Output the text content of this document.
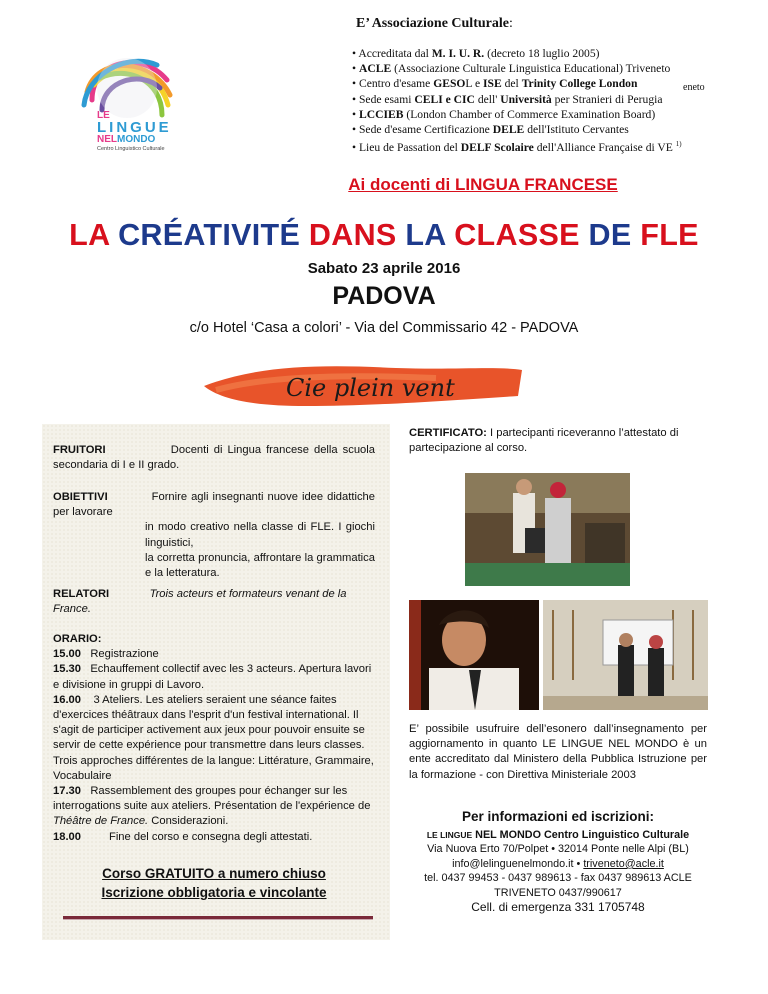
LE
LINGUE
NELMONDO
Centro Linguistico Culturale
E’ Associazione Culturale:
• Accreditata dal M. I. U. R. (decreto 18 luglio 2005)
• ACLE (Associazione Culturale Linguistica Educational) Triveneto
• Centro d'esame GESOL e ISE del Trinity College London
• Sede esami CELI e CIC dell' Università per Stranieri di Perugia
• LCCIEB (London Chamber of Commerce Examination Board)
• Sede d'esame Certificazione DELE dell'Istituto Cervantes
• Lieu de Passation del DELF Scolaire dell'Alliance Française di VE $^{1)}$
eneto
Ai docenti di LINGUA FRANCESE
LA CRÉATIVITÉ DANS LA CLASSE DE FLE
Sabato 23 aprile 2016
PADOVA
c/o Hotel ‘Casa a colori’ - Via del Commissario 42 - PADOVA
Cie plein vent
FRUITORI	Docenti di Lingua francese della scuola secondaria di I e II grado.
OBIETTIVI	Fornire agli insegnanti nuove idee didattiche per lavorare
in modo creativo nella classe di FLE. I giochi linguistici,
la corretta pronuncia, affrontare la grammatica e la letteratura.
RELATORI	Trois acteurs et formateurs venant de la France.
ORARIO:
15.00 Registrazione
15.30 Echauffement collectif avec les 3 acteurs. Apertura lavori e divisione in gruppi di Lavoro.
16.00 3 Ateliers. Les ateliers seraient une séance faites d'exercices théâtraux dans l'esprit d'un festival international. Il s'agit de participer activement aux jeux pour pouvoir ensuite se servir de cette expérience pour transmettre dans leurs classes. Trois approches différentes de la langue: Littérature, Grammaire, Vocabulaire
17.30 Rassemblement des groupes pour échanger sur les interrogations suite aux ateliers. Présentation de l'expérience de Théâtre de France. Considerazioni.
18.00 Fine del corso e consegna degli attestati.
Corso GRATUITO a numero chiuso
Iscrizione obbligatoria e vincolante
CERTIFICATO: I partecipanti riceveranno l’attestato di partecipazione al corso.
E’ possibile usufruire dell’esonero dall’insegnamento per aggiornamento in quanto LE LINGUE NEL MONDO è un ente accreditato dal Ministero della Pubblica Istruzione per la formazione - con Direttiva Ministeriale 2003
Per informazioni ed iscrizioni:
LE LINGUE NEL MONDO Centro Linguistico Culturale
Via Nuova Erto 70/Polpet • 32014 Ponte nelle Alpi (BL)
info@lelinguenelmondo.it • triveneto@acle.it
tel. 0437 99453 - 0437 989613 - fax 0437 989613 ACLE
TRIVENETO 0437/990617
Cell. di emergenza 331 1705748
